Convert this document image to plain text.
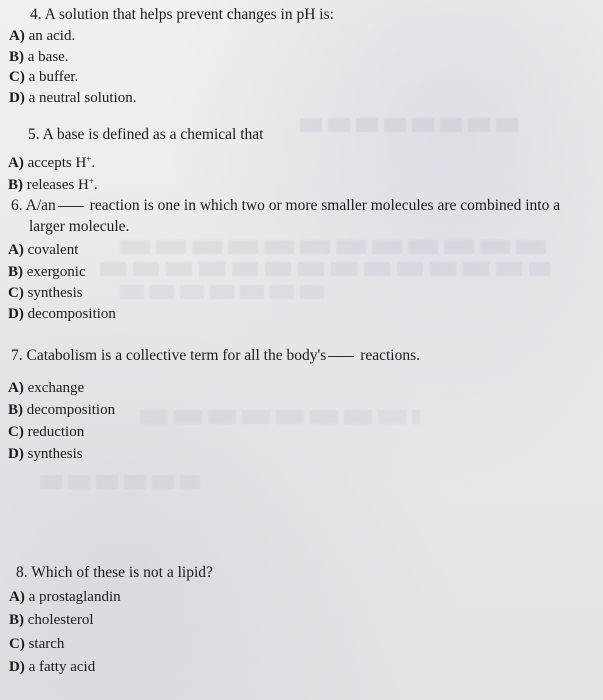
4. A solution that helps prevent changes in pH is:
A) an acid.
B) a base.
C) a buffer.
D) a neutral solution.
5. A base is defined as a chemical that
A) accepts H+.
B) releases H+.
6. A/an reaction is one in which two or more smaller molecules are combined into a
larger molecule.
A) covalent
B) exergonic
C) synthesis
D) decomposition
7. Catabolism is a collective term for all the body's reactions.
A) exchange
B) decomposition
C) reduction
D) synthesis
8. Which of these is not a lipid?
A) a prostaglandin
B) cholesterol
C) starch
D) a fatty acid
